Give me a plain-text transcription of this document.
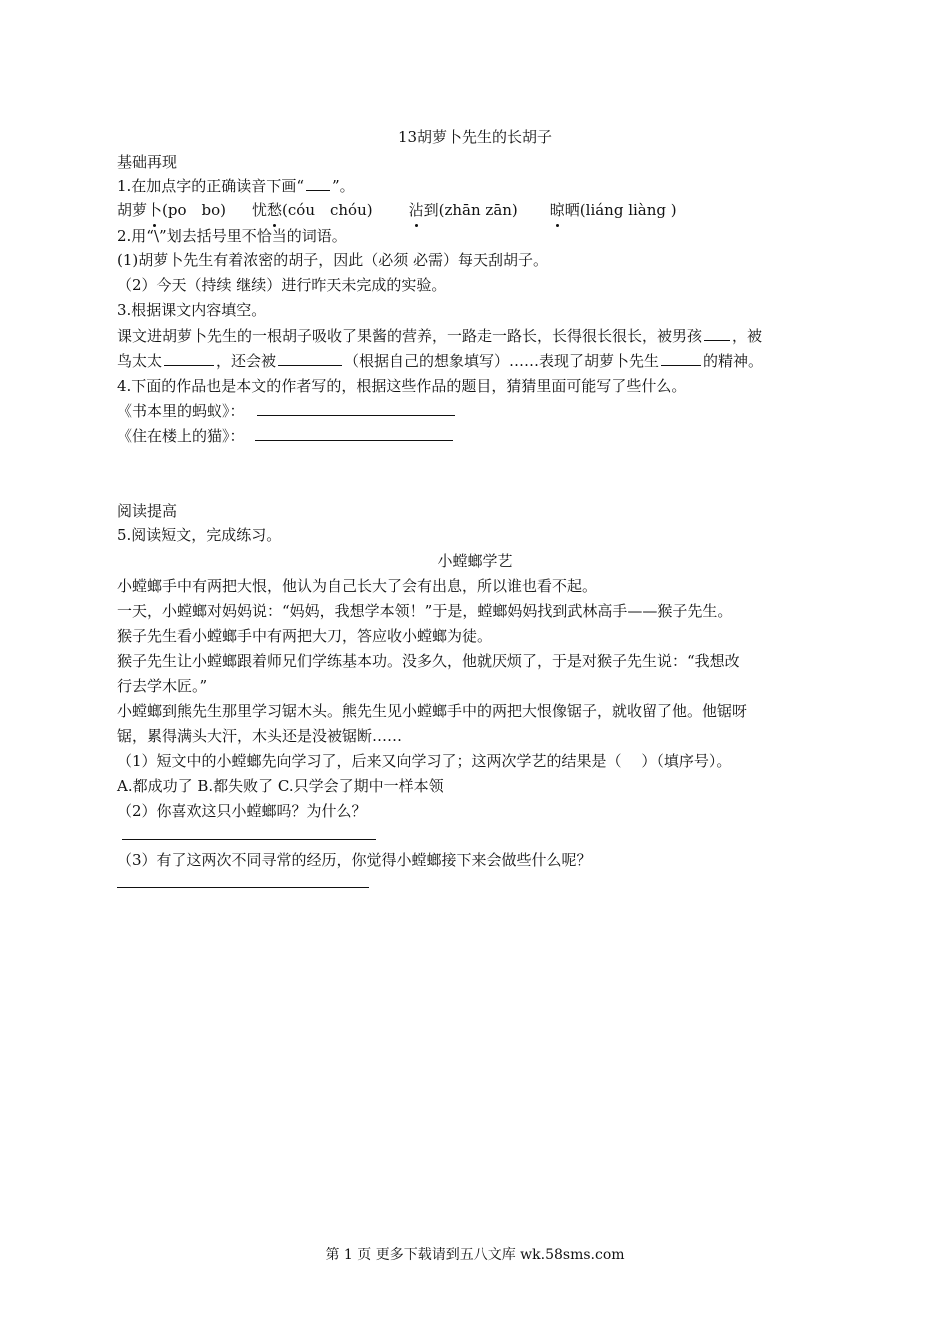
13胡萝卜先生的长胡子
基础再现
1.在加点字的正确读音下画“ ”。
胡萝卜(po　bo) 忧愁(cóu　chóu) 沾到(zhān zān) 晾晒(liáng liàng )
2.用“\”划去括号里不恰当的词语。
(1)胡萝卜先生有着浓密的胡子，因此（必须 必需）每天刮胡子。
（2）今天（持续 继续）进行昨天未完成的实验。
3.根据课文内容填空。
课文进胡萝卜先生的一根胡子吸收了果酱的营养，一路走一路长，长得很长很长，被男孩 ，被
鸟太太	，还会被	（根据自己的想象填写）……表现了胡萝卜先生	的精神。
4.下面的作品也是本文的作者写的，根据这些作品的题目，猜猜里面可能写了些什么。
《书本里的蚂蚁》：
《住在楼上的猫》：
阅读提高
5.阅读短文，完成练习。
小螳螂学艺
小螳螂手中有两把大恨，他认为自己长大了会有出息，所以谁也看不起。
一天，小螳螂对妈妈说：“妈妈，我想学本领！”于是，螳螂妈妈找到武林高手——猴子先生。
猴子先生看小螳螂手中有两把大刀，答应收小螳螂为徒。
猴子先生让小螳螂跟着师兄们学练基本功。没多久，他就厌烦了，于是对猴子先生说：“我想改
行去学木匠。”
小螳螂到熊先生那里学习锯木头。熊先生见小螳螂手中的两把大恨像锯子，就收留了他。他锯呀
锯，累得满头大汗，木头还是没被锯断……
（1）短文中的小螳螂先向学习了，后来又向学习了；这两次学艺的结果是（　 ）（填序号）。
A.都成功了 B.都失败了 C.只学会了期中一样本领
（2）你喜欢这只小螳螂吗？为什么？
（3）有了这两次不同寻常的经历，你觉得小螳螂接下来会做些什么呢？
第 1 页 更多下载请到五八文库 wk.58sms.com
